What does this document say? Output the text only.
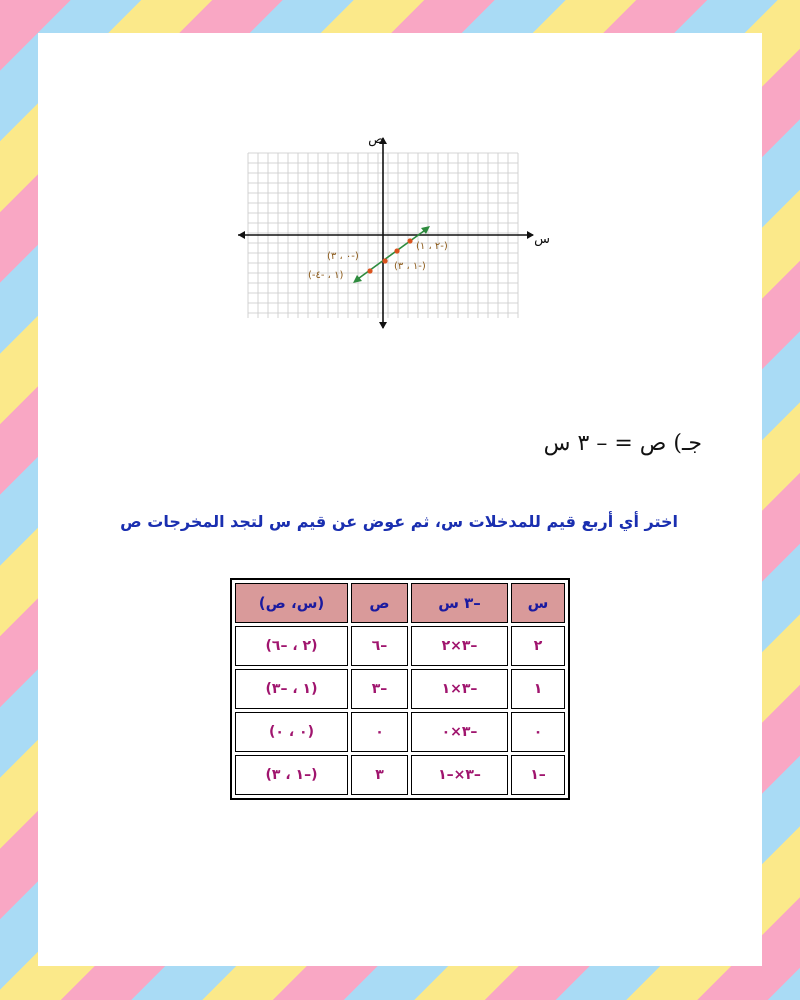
ص
س
(٢ ، ١-)
(٠ ، ٣-)
(١ ، ٣-)
(-١ ، -٤)
جـ) ص = – ٣ س
اختر أي أربع قيم للمدخلات س، ثم عوض عن قيم س لتجد المخرجات ص
س	–٣ س	ص	(س، ص)
٢	–٣×٢	–٦	(٢ ، –٦)
١	–٣×١	–٣	(١ ، –٣)
٠	–٣×٠	٠	(٠ ، ٠)
–١	–٣×–١	٣	(–١ ، ٣)
